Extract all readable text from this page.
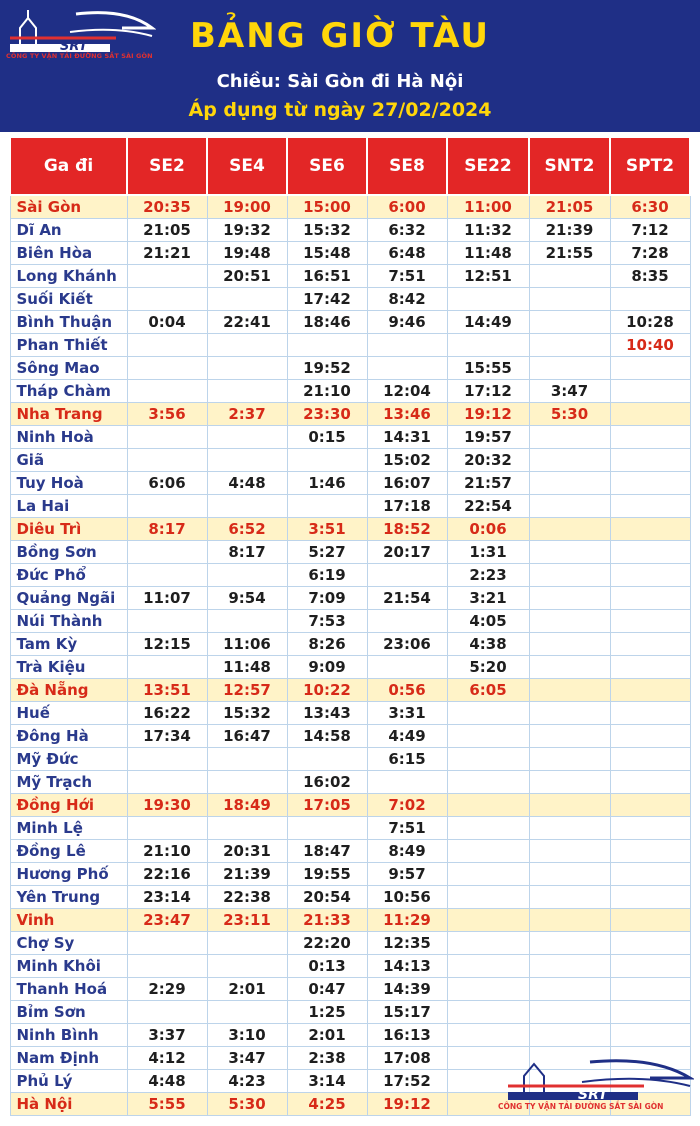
SRT
CÔNG TY VẬN TẢI ĐƯỜNG SẮT SÀI GÒN	BẢNG GIỜ TÀU
Chiều: Sài Gòn đi Hà Nội
Áp dụng từ ngày 27/02/2024
Ga đi	SE2	SE4	SE6	SE8	SE22	SNT2	SPT2
Sài Gòn	20:35	19:00	15:00	6:00	11:00	21:05	6:30
Dĩ An	21:05	19:32	15:32	6:32	11:32	21:39	7:12
Biên Hòa	21:21	19:48	15:48	6:48	11:48	21:55	7:28
Long Khánh		20:51	16:51	7:51	12:51		8:35
Suối Kiết			17:42	8:42			
Bình Thuận	0:04	22:41	18:46	9:46	14:49		10:28
Phan Thiết							10:40
Sông Mao			19:52		15:55		
Tháp Chàm			21:10	12:04	17:12	3:47	
Nha Trang	3:56	2:37	23:30	13:46	19:12	5:30	
Ninh Hoà			0:15	14:31	19:57		
Giã				15:02	20:32		
Tuy Hoà	6:06	4:48	1:46	16:07	21:57		
La Hai				17:18	22:54		
Diêu Trì	8:17	6:52	3:51	18:52	0:06		
Bồng Sơn		8:17	5:27	20:17	1:31		
Đức Phổ			6:19		2:23		
Quảng Ngãi	11:07	9:54	7:09	21:54	3:21		
Núi Thành			7:53		4:05		
Tam Kỳ	12:15	11:06	8:26	23:06	4:38		
Trà Kiệu		11:48	9:09		5:20		
Đà Nẵng	13:51	12:57	10:22	0:56	6:05		
Huế	16:22	15:32	13:43	3:31			
Đông Hà	17:34	16:47	14:58	4:49			
Mỹ Đức				6:15			
Mỹ Trạch			16:02				
Đồng Hới	19:30	18:49	17:05	7:02			
Minh Lệ				7:51			
Đồng Lê	21:10	20:31	18:47	8:49			
Hương Phố	22:16	21:39	19:55	9:57			
Yên Trung	23:14	22:38	20:54	10:56			
Vinh	23:47	23:11	21:33	11:29			
Chợ Sy			22:20	12:35			
Minh Khôi			0:13	14:13			
Thanh Hoá	2:29	2:01	0:47	14:39			
Bỉm Sơn			1:25	15:17			
Ninh Bình	3:37	3:10	2:01	16:13			
Nam Định	4:12	3:47	2:38	17:08			
Phủ Lý	4:48	4:23	3:14	17:52			
Hà Nội	5:55	5:30	4:25	19:12				SRT
CÔNG TY VẬN TẢI ĐƯỜNG SẮT SÀI GÒN
